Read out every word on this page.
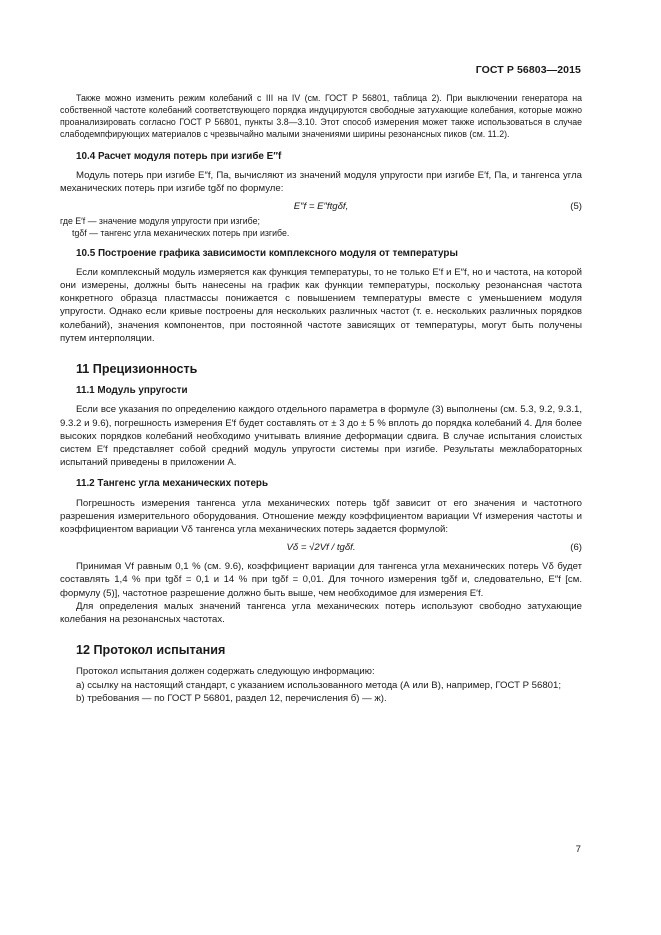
ГОСТ Р 56803—2015

Также можно изменить режим колебаний с III на IV (см. ГОСТ Р 56801, таблица 2). При выключении генератора на собственной частоте колебаний соответствующего порядка индуцируются свободные затухающие колебания, которые можно проанализировать согласно ГОСТ Р 56801, пункты 3.8—3.10. Этот способ измерения может также использоваться в случае слабодемпфирующих материалов с чрезвычайно малыми значениями ширины резонансных пиков (см. 11.2).

10.4 Расчет модуля потерь при изгибе E″f

Модуль потерь при изгибе E″f, Па, вычисляют из значений модуля упругости при изгибе E′f, Па, и тангенса угла механических потерь при изгибе tgδf по формуле:

E″f = E″ftgδf,	(5)
где E′f — значение модуля упругости при изгибе;
tgδf — тангенс угла механических потерь при изгибе.
10.5 Построение графика зависимости комплексного модуля от температуры

Если комплексный модуль измеряется как функция температуры, то не только E′f и E″f, но и частота, на которой они измерены, должны быть нанесены на график как функции температуры, поскольку резонансная частота конкретного образца пластмассы понижается с повышением температуры вместе с уменьшением модуля упругости. Однако если кривые построены для нескольких различных частот (т. е. нескольких различных порядков колебаний), значения компонентов, при постоянной частоте зависящих от температуры, могут быть получены путем интерполяции.

11 Прецизионность
11.1 Модуль упругости

Если все указания по определению каждого отдельного параметра в формуле (3) выполнены (см. 5.3, 9.2, 9.3.1, 9.3.2 и 9.6), погрешность измерения E′f будет составлять от ± 3 до ± 5 % вплоть до порядка колебаний 4. Для более высоких порядков колебаний необходимо учитывать влияние деформации сдвига. В случае испытания слоистых систем E′f представляет собой средний модуль упругости системы при изгибе. Результаты межлабораторных испытаний приведены в приложении А.

11.2 Тангенс угла механических потерь

Погрешность измерения тангенса угла механических потерь tgδf зависит от его значения и частотного разрешения измерительного оборудования. Отношение между коэффициентом вариации Vf измерения частоты и коэффициентом вариации Vδ тангенса угла механических потерь задается формулой:

Vδ = √2Vf / tgδf.	(6)

Принимая Vf равным 0,1 % (см. 9.6), коэффициент вариации для тангенса угла механических потерь Vδ будет составлять 1,4 % при tgδf = 0,1 и 14 % при tgδf = 0,01. Для точного измерения tgδf и, следовательно, E″f [см. формулу (5)], частотное разрешение должно быть выше, чем необходимое для измерения E′f.

Для определения малых значений тангенса угла механических потерь используют свободно затухающие колебания на резонансных частотах.

12 Протокол испытания

Протокол испытания должен содержать следующую информацию:

a) ссылку на настоящий стандарт, с указанием использованного метода (А или В), например, ГОСТ Р 56801;

b) требования — по ГОСТ Р 56801, раздел 12, перечисления б) — ж).

7
